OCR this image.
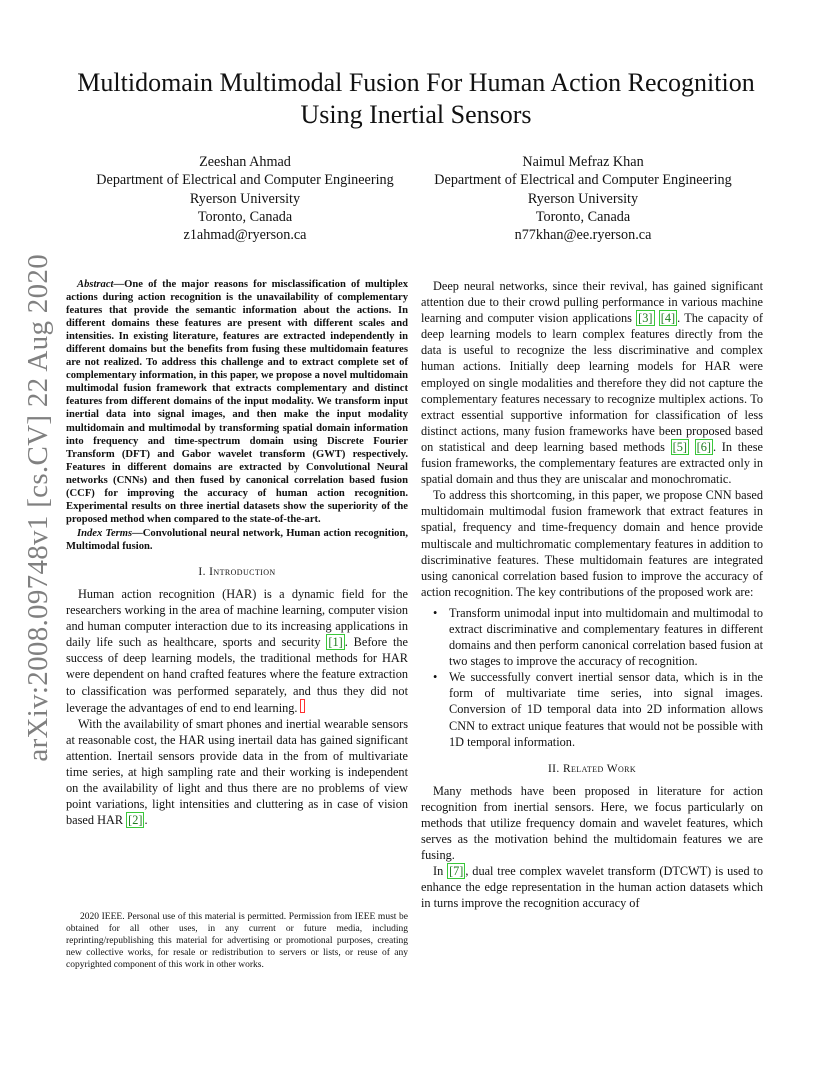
arXiv:2008.09748v1 [cs.CV] 22 Aug 2020
Multidomain Multimodal Fusion For Human Action Recognition Using Inertial Sensors
Zeeshan Ahmad
Department of Electrical and Computer Engineering
Ryerson University
Toronto, Canada
z1ahmad@ryerson.ca
Naimul Mefraz Khan
Department of Electrical and Computer Engineering
Ryerson University
Toronto, Canada
n77khan@ee.ryerson.ca

Abstract—One of the major reasons for misclassification of multiplex actions during action recognition is the unavailability of complementary features that provide the semantic information about the actions. In different domains these features are present with different scales and intensities. In existing literature, features are extracted independently in different domains but the benefits from fusing these multidomain features are not realized. To address this challenge and to extract complete set of complementary information, in this paper, we propose a novel multidomain multimodal fusion framework that extracts complementary and distinct features from different domains of the input modality. We transform input inertial data into signal images, and then make the input modality multidomain and multimodal by transforming spatial domain information into frequency and time-spectrum domain using Discrete Fourier Transform (DFT) and Gabor wavelet transform (GWT) respectively. Features in different domains are extracted by Convolutional Neural networks (CNNs) and then fused by canonical correlation based fusion (CCF) for improving the accuracy of human action recognition. Experimental results on three inertial datasets show the superiority of the proposed method when compared to the state-of-the-art.

Index Terms—Convolutional neural network, Human action recognition, Multimodal fusion.

I. Introduction

Human action recognition (HAR) is a dynamic field for the researchers working in the area of machine learning, computer vision and human computer interaction due to its increasing applications in daily life such as healthcare, sports and security [1] . Before the success of deep learning models, the traditional methods for HAR were dependent on hand crafted features where the feature extraction to classification was performed separately, and thus they did not leverage the advantages of end to end learning.

With the availability of smart phones and inertial wearable sensors at reasonable cost, the HAR using inertail data has gained significant attention. Inertail sensors provide data in the from of multivariate time series, at high sampling rate and their working is independent on the availability of light and thus there are no problems of view point variations, light intensities and cluttering as in case of vision based HAR [2] .

2020 IEEE. Personal use of this material is permitted. Permission from IEEE must be obtained for all other uses, in any current or future media, including reprinting/republishing this material for advertising or promotional purposes, creating new collective works, for resale or redistribution to servers or lists, or reuse of any copyrighted component of this work in other works.

Deep neural networks, since their revival, has gained significant attention due to their crowd pulling performance in various machine learning and computer vision applications [3] [4] . The capacity of deep learning models to learn complex features directly from the data is useful to recognize the less discriminative and complex human actions. Initially deep learning models for HAR were employed on single modalities and therefore they did not capture the complementary features necessary to recognize multiplex actions. To extract essential supportive information for classification of less distinct actions, many fusion frameworks have been proposed based on statistical and deep learning based methods [5] [6] . In these fusion frameworks, the complementary features are extracted only in spatial domain and thus they are uniscalar and monochromatic.

To address this shortcoming, in this paper, we propose CNN based multidomain multimodal fusion framework that extract features in spatial, frequency and time-frequency domain and hence provide multiscale and multichromatic complementary features in addition to discriminative features. These multidomain features are integrated using canonical correlation based fusion to improve the accuracy of action recognition. The key contributions of the proposed work are:

• Transform unimodal input into multidomain and multimodal to extract discriminative and complementary features in different domains and then perform canonical correlation based fusion at two stages to improve the accuracy of recognition.
• We successfully convert inertial sensor data, which is in the form of multivariate time series, into signal images. Conversion of 1D temporal data into 2D information allows CNN to extract unique features that would not be possible with 1D temporal information.
II. Related Work

Many methods have been proposed in literature for action recognition from inertial sensors. Here, we focus particularly on methods that utilize frequency domain and wavelet features, which serves as the motivation behind the multidomain features we are fusing.

In [7] , dual tree complex wavelet transform (DTCWT) is used to enhance the edge representation in the human action datasets which in turns improve the recognition accuracy of
